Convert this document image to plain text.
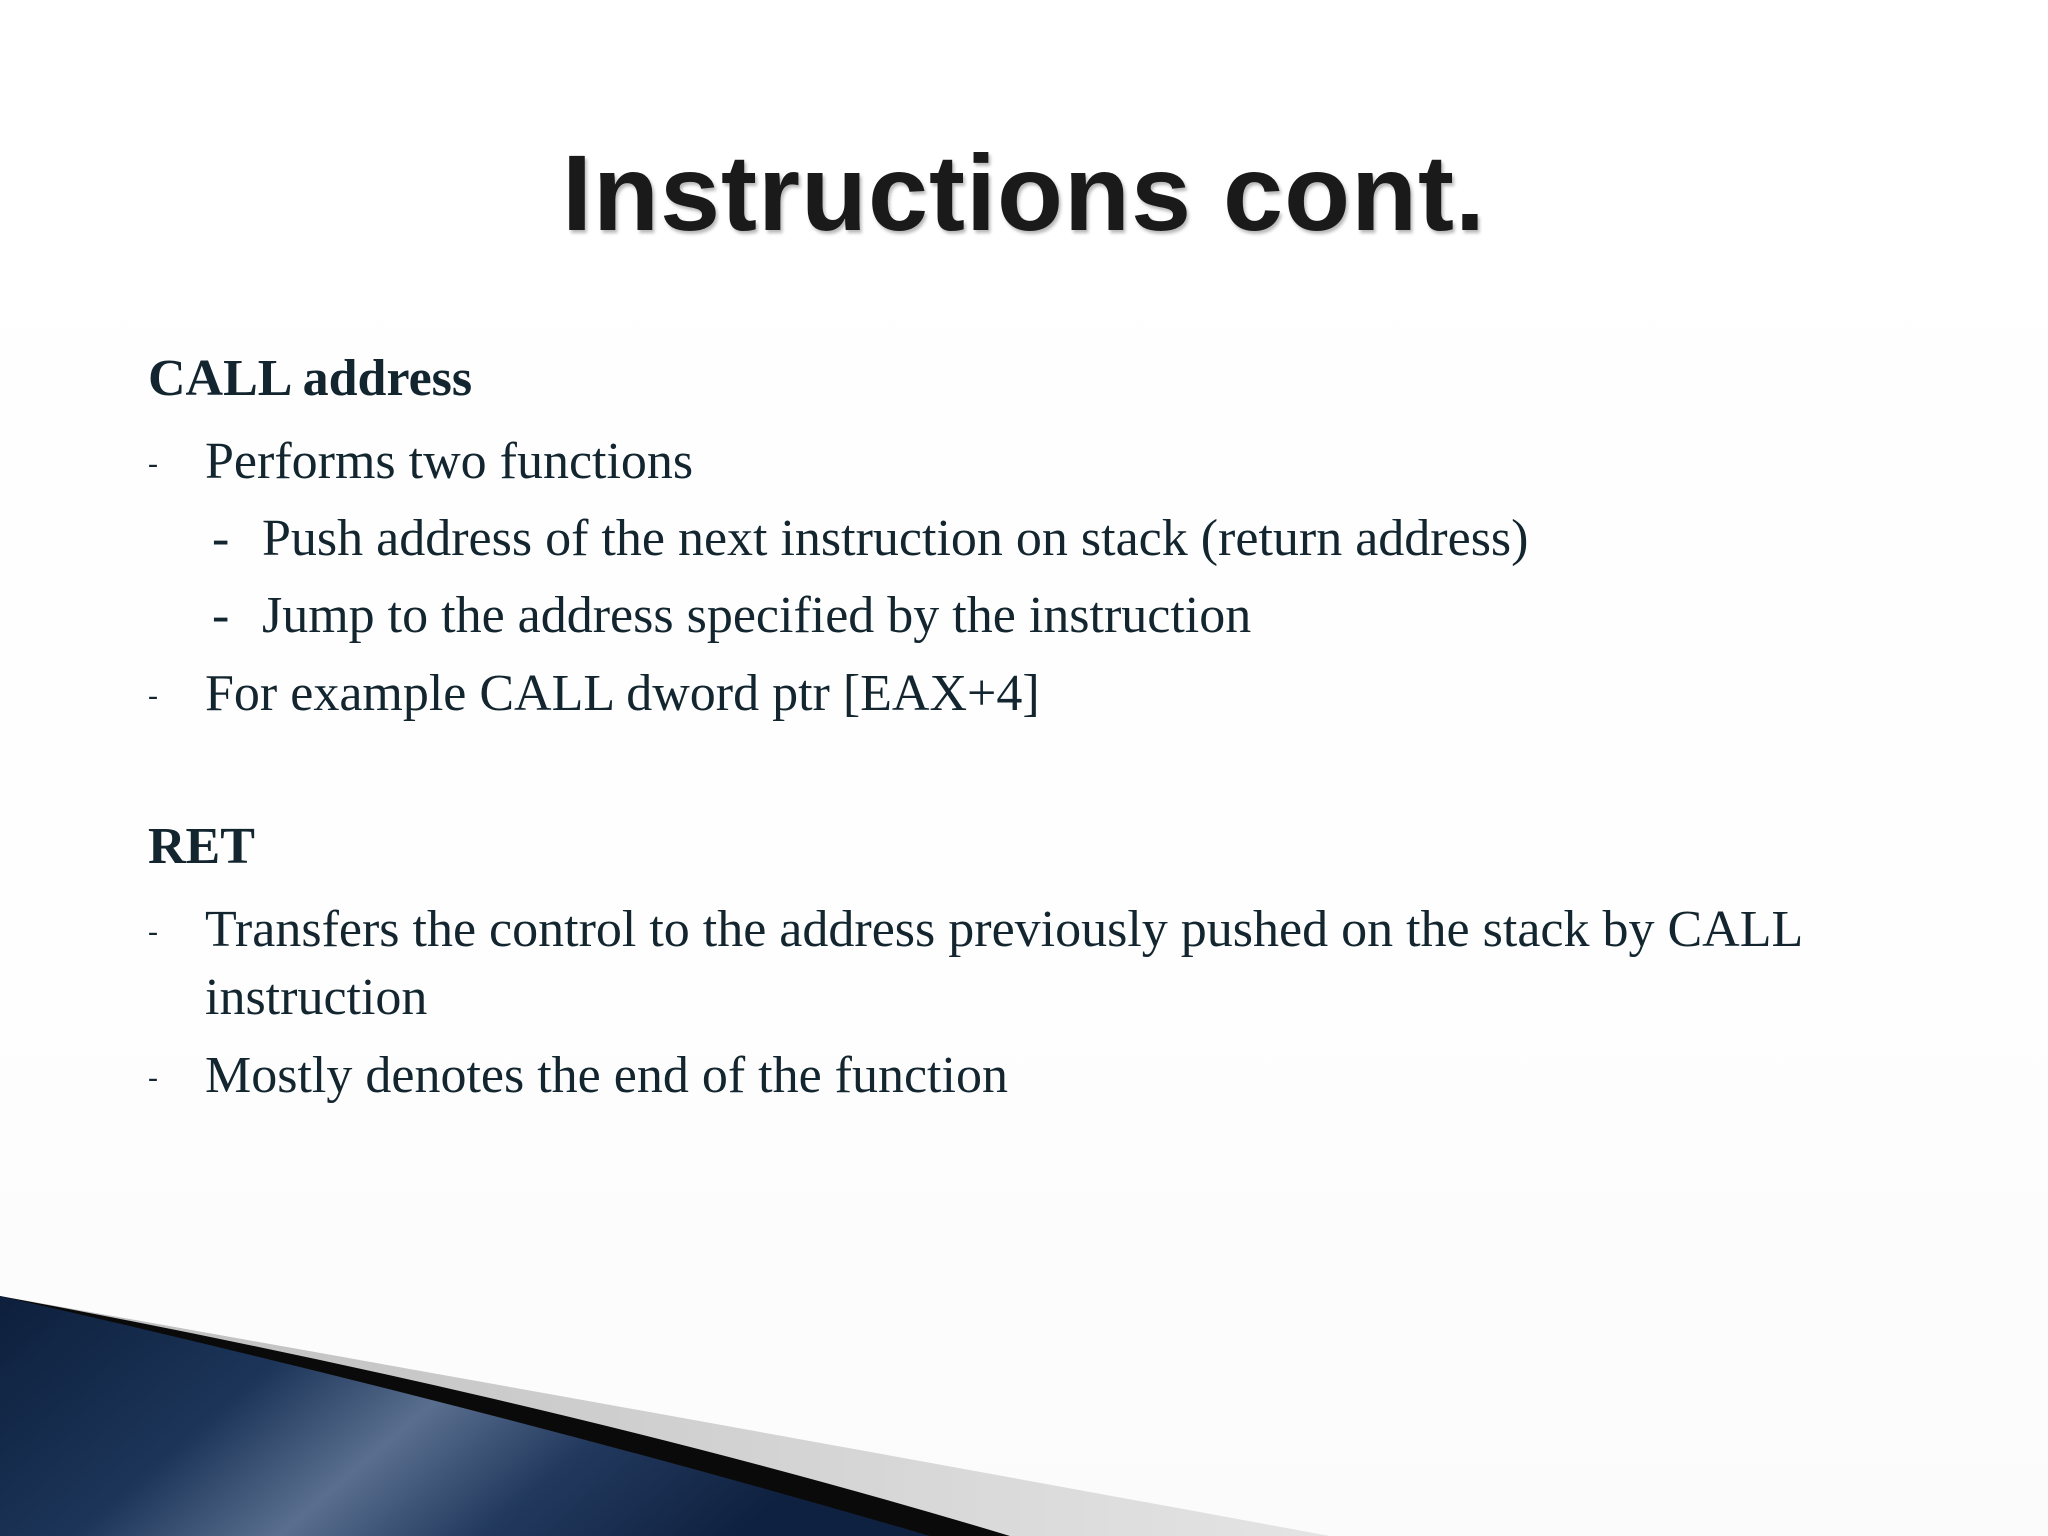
Instructions cont.
CALL address
- Performs two functions
- Push address of the next instruction on stack (return address)
- Jump to the address specified by the instruction
- For example CALL dword ptr [EAX+4]
RET
- Transfers the control to the address previously pushed on the stack by CALL instruction
- Mostly denotes the end of the function
